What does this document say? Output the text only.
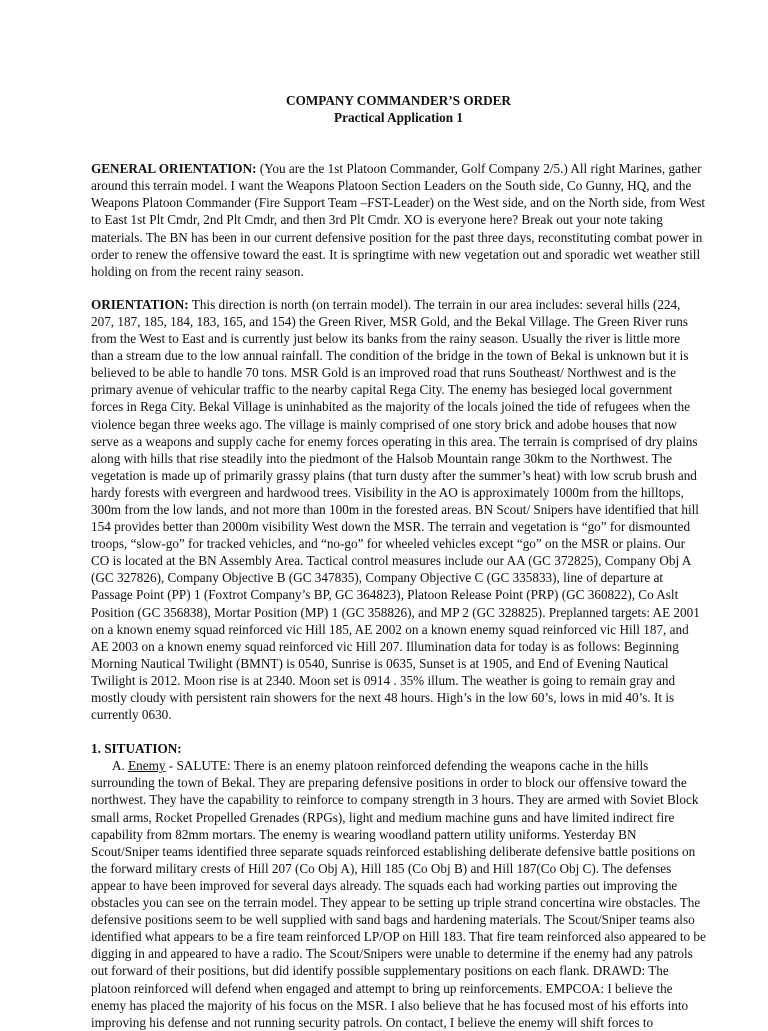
COMPANY COMMANDER’S ORDER

Practical Application 1

GENERAL ORIENTATION: (You are the 1st Platoon Commander, Golf Company 2/5.) All right Marines, gather around this terrain model. I want the Weapons Platoon Section Leaders on the South side, Co Gunny, HQ, and the Weapons Platoon Commander (Fire Support Team –FST-Leader) on the West side, and on the North side, from West to East 1st Plt Cmdr, 2nd Plt Cmdr, and then 3rd Plt Cmdr. XO is everyone here? Break out your note taking materials. The BN has been in our current defensive position for the past three days, reconstituting combat power in order to renew the offensive toward the east. It is springtime with new vegetation out and sporadic wet weather still holding on from the recent rainy season.

ORIENTATION: This direction is north (on terrain model). The terrain in our area includes: several hills (224, 207, 187, 185, 184, 183, 165, and 154) the Green River, MSR Gold, and the Bekal Village. The Green River runs from the West to East and is currently just below its banks from the rainy season. Usually the river is little more than a stream due to the low annual rainfall. The condition of the bridge in the town of Bekal is unknown but it is believed to be able to handle 70 tons. MSR Gold is an improved road that runs Southeast/ Northwest and is the primary avenue of vehicular traffic to the nearby capital Rega City. The enemy has besieged local government forces in Rega City. Bekal Village is uninhabited as the majority of the locals joined the tide of refugees when the violence began three weeks ago. The village is mainly comprised of one story brick and adobe houses that now serve as a weapons and supply cache for enemy forces operating in this area. The terrain is comprised of dry plains along with hills that rise steadily into the piedmont of the Halsob Mountain range 30km to the Northwest. The vegetation is made up of primarily grassy plains (that turn dusty after the summer’s heat) with low scrub brush and hardy forests with evergreen and hardwood trees. Visibility in the AO is approximately 1000m from the hilltops, 300m from the low lands, and not more than 100m in the forested areas. BN Scout/ Snipers have identified that hill 154 provides better than 2000m visibility West down the MSR. The terrain and vegetation is “go” for dismounted troops, “slow-go” for tracked vehicles, and “no-go” for wheeled vehicles except “go” on the MSR or plains. Our CO is located at the BN Assembly Area. Tactical control measures include our AA (GC 372825), Company Obj A (GC 327826), Company Objective B (GC 347835), Company Objective C (GC 335833), line of departure at Passage Point (PP) 1 (Foxtrot Company’s BP, GC 364823), Platoon Release Point (PRP) (GC 360822), Co Aslt Position (GC 356838), Mortar Position (MP) 1 (GC 358826), and MP 2 (GC 328825). Preplanned targets: AE 2001 on a known enemy squad reinforced vic Hill 185, AE 2002 on a known enemy squad reinforced vic Hill 187, and AE 2003 on a known enemy squad reinforced vic Hill 207. Illumination data for today is as follows: Beginning Morning Nautical Twilight (BMNT) is 0540, Sunrise is 0635, Sunset is at 1905, and End of Evening Nautical Twilight is 2012. Moon rise is at 2340. Moon set is 0914 . 35% illum. The weather is going to remain gray and mostly cloudy with persistent rain showers for the next 48 hours. High’s in the low 60’s, lows in mid 40’s. It is currently 0630.

1. SITUATION:

A. Enemy - SALUTE: There is an enemy platoon reinforced defending the weapons cache in the hills surrounding the town of Bekal. They are preparing defensive positions in order to block our offensive toward the northwest. They have the capability to reinforce to company strength in 3 hours. They are armed with Soviet Block small arms, Rocket Propelled Grenades (RPGs), light and medium machine guns and have limited indirect fire capability from 82mm mortars. The enemy is wearing woodland pattern utility uniforms. Yesterday BN Scout/Sniper teams identified three separate squads reinforced establishing deliberate defensive battle positions on the forward military crests of Hill 207 (Co Obj A), Hill 185 (Co Obj B) and Hill 187(Co Obj C). The defenses appear to have been improved for several days already. The squads each had working parties out improving the obstacles you can see on the terrain model. They appear to be setting up triple strand concertina wire obstacles. The defensive positions seem to be well supplied with sand bags and hardening materials. The Scout/Sniper teams also identified what appears to be a fire team reinforced LP/OP on Hill 183. That fire team reinforced also appeared to be digging in and appeared to have a radio. The Scout/Snipers were unable to determine if the enemy had any patrols out forward of their positions, but did identify possible supplementary positions on each flank. DRAWD: The platoon reinforced will defend when engaged and attempt to bring up reinforcements. EMPCOA: I believe the enemy has placed the majority of his focus on the MSR. I also believe that he has focused most of his efforts into improving his defense and not running security patrols. On contact, I believe the enemy will shift forces to
